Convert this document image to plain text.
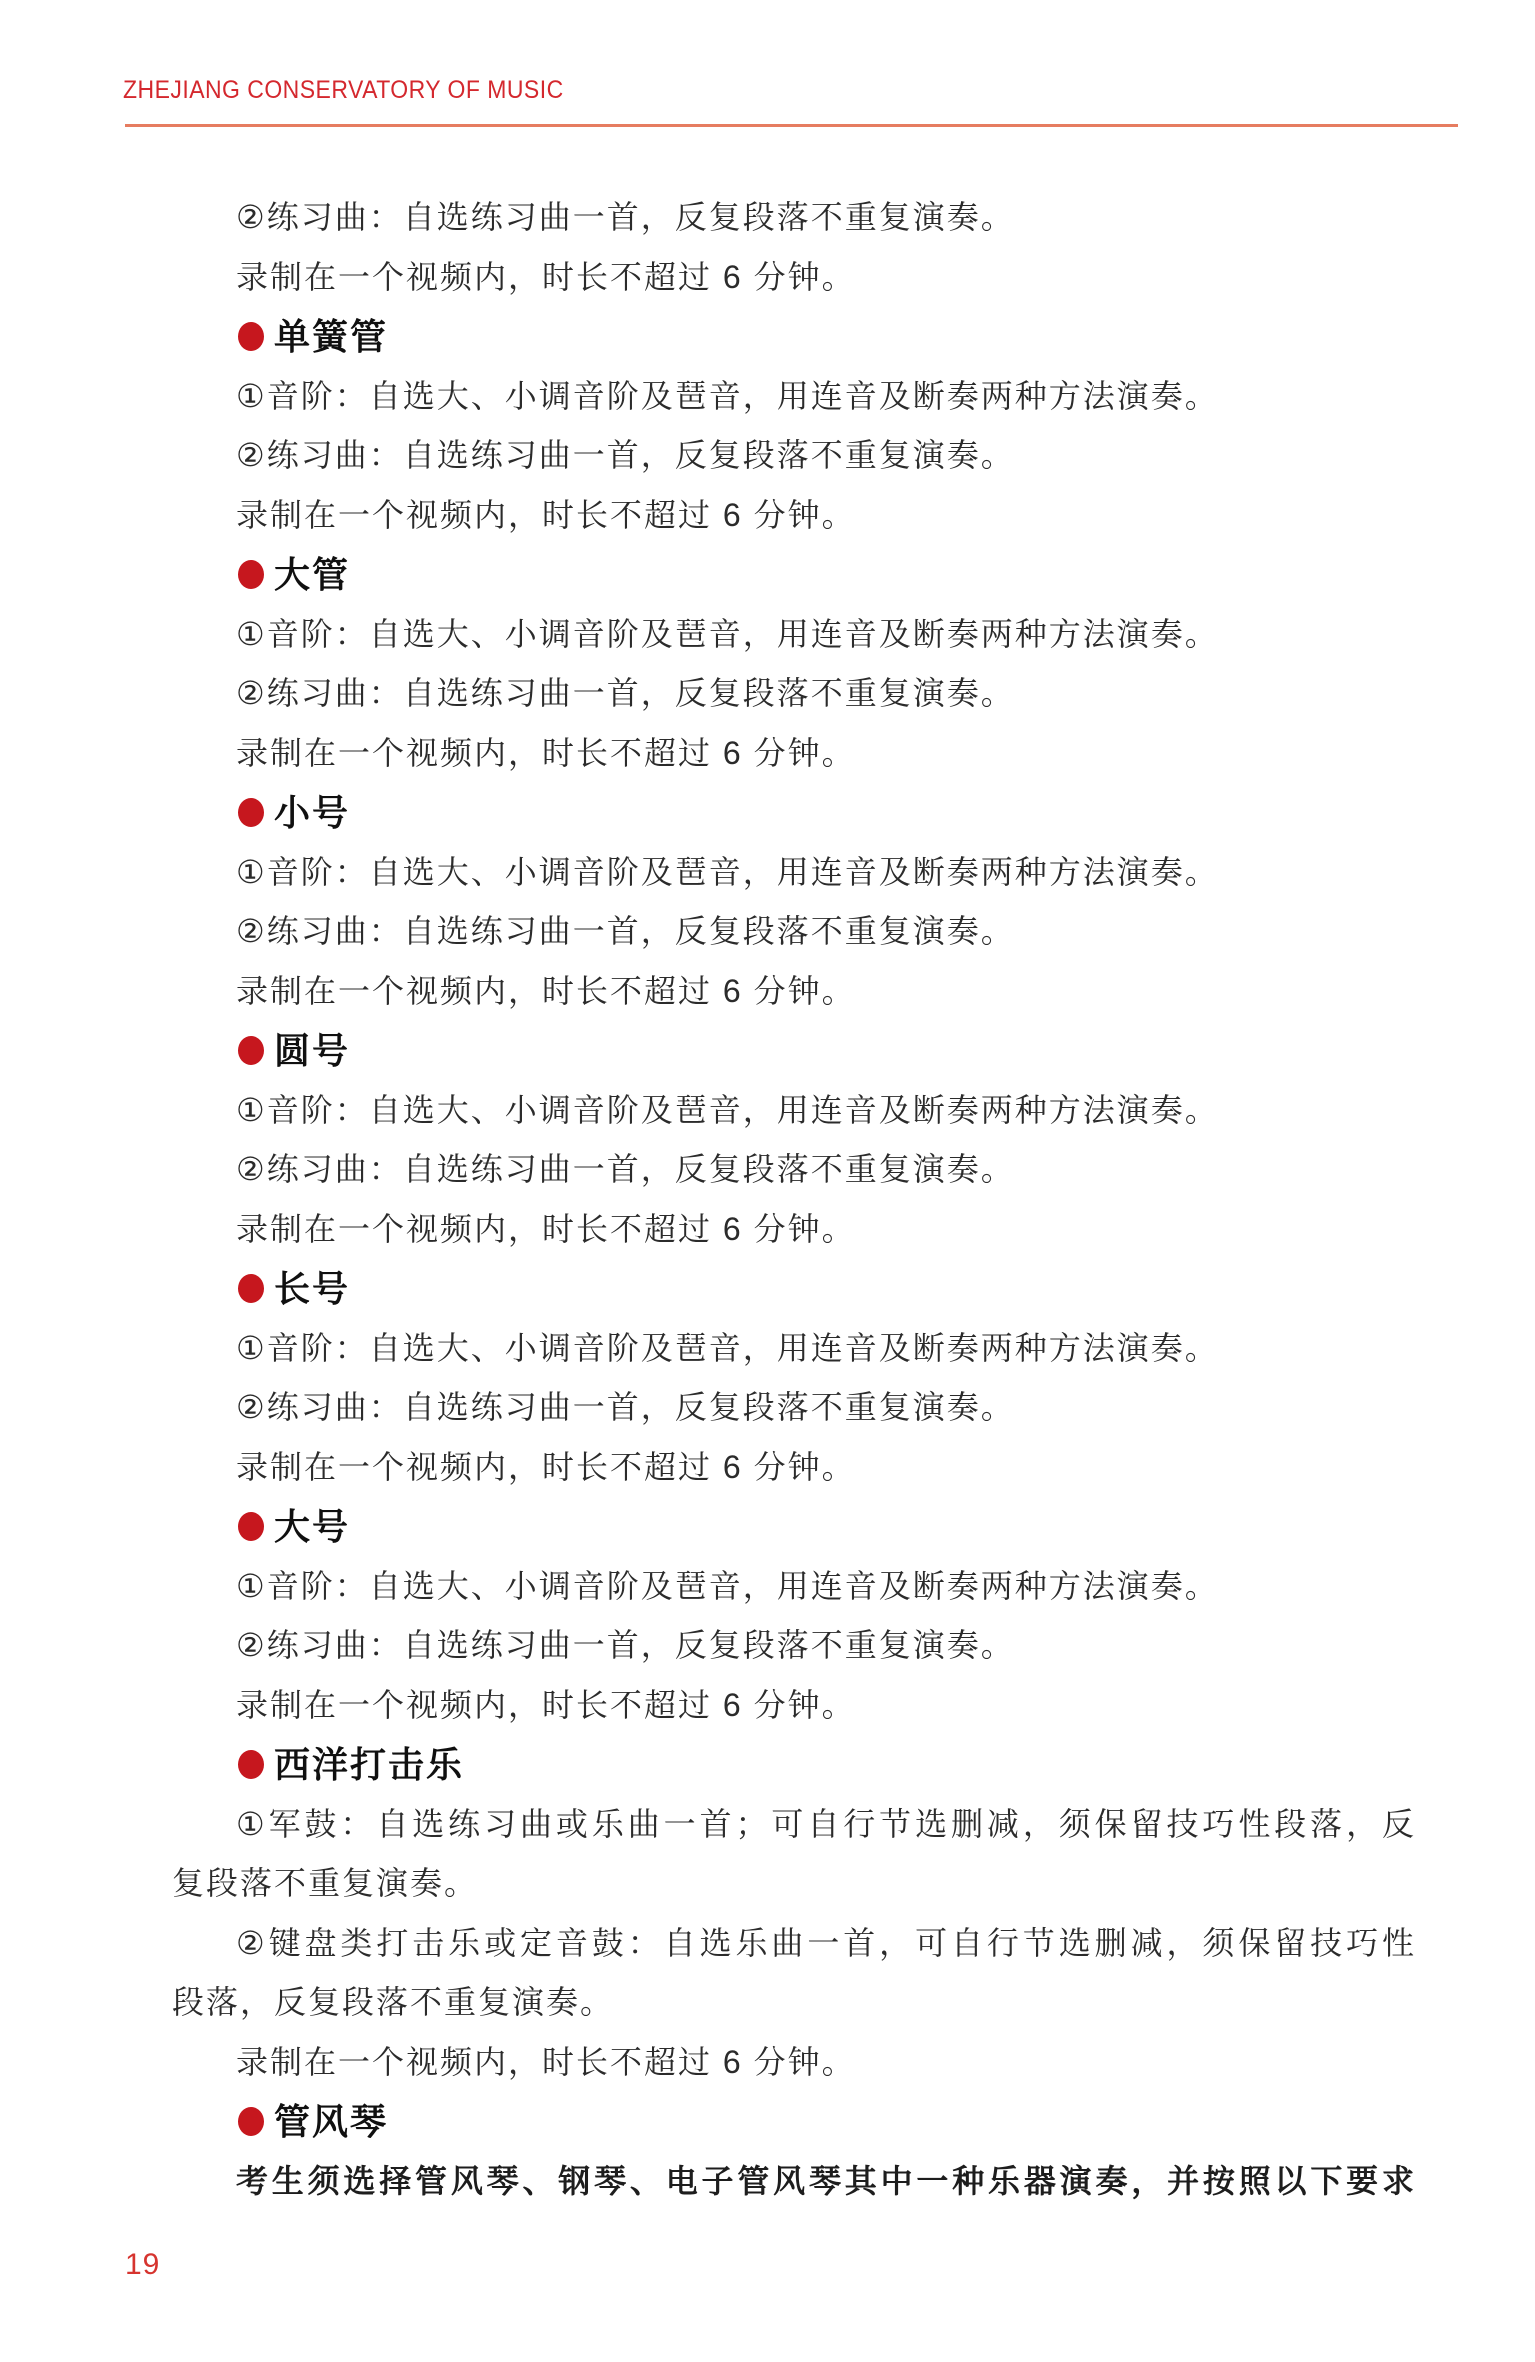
ZHEJIANG CONSERVATORY OF MUSIC

②练习曲：自选练习曲一首，反复段落不重复演奏。

录制在一个视频内，时长不超过 6 分钟。

单簧管

①音阶：自选大、小调音阶及琶音，用连音及断奏两种方法演奏。

②练习曲：自选练习曲一首，反复段落不重复演奏。

录制在一个视频内，时长不超过 6 分钟。

大管

①音阶：自选大、小调音阶及琶音，用连音及断奏两种方法演奏。

②练习曲：自选练习曲一首，反复段落不重复演奏。

录制在一个视频内，时长不超过 6 分钟。

小号

①音阶：自选大、小调音阶及琶音，用连音及断奏两种方法演奏。

②练习曲：自选练习曲一首，反复段落不重复演奏。

录制在一个视频内，时长不超过 6 分钟。

圆号

①音阶：自选大、小调音阶及琶音，用连音及断奏两种方法演奏。

②练习曲：自选练习曲一首，反复段落不重复演奏。

录制在一个视频内，时长不超过 6 分钟。

长号

①音阶：自选大、小调音阶及琶音，用连音及断奏两种方法演奏。

②练习曲：自选练习曲一首，反复段落不重复演奏。

录制在一个视频内，时长不超过 6 分钟。

大号

①音阶：自选大、小调音阶及琶音，用连音及断奏两种方法演奏。

②练习曲：自选练习曲一首，反复段落不重复演奏。

录制在一个视频内，时长不超过 6 分钟。

西洋打击乐

①军鼓：自选练习曲或乐曲一首；可自行节选删减，须保留技巧性段落，反

复段落不重复演奏。

②键盘类打击乐或定音鼓：自选乐曲一首，可自行节选删减，须保留技巧性

段落，反复段落不重复演奏。

录制在一个视频内，时长不超过 6 分钟。

管风琴

考生须选择管风琴、钢琴、电子管风琴其中一种乐器演奏，并按照以下要求

19
